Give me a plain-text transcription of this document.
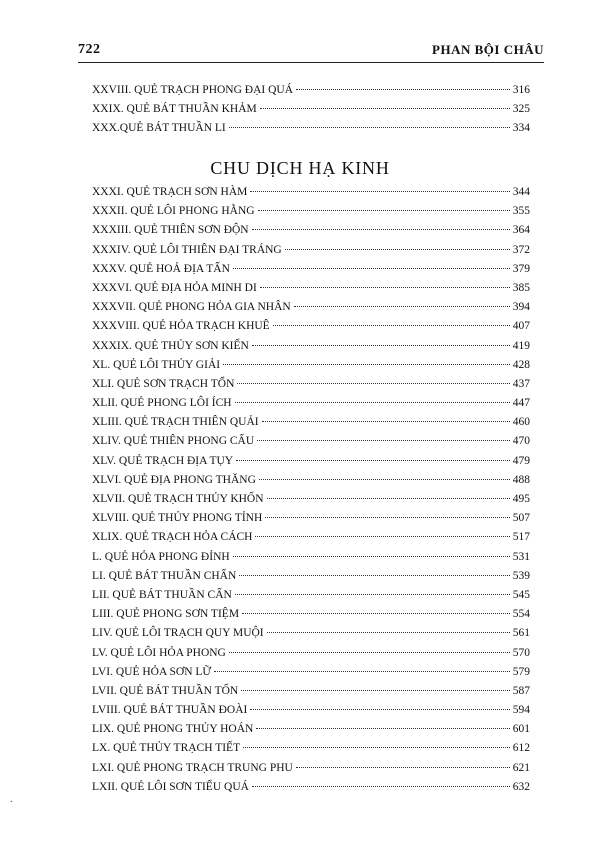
722	PHAN BỘI CHÂU
XXVIII. QUẺ TRẠCH PHONG ĐẠI QUÁ	316
XXIX. QUẺ BÁT THUẦN KHẢM	325
XXX.QUẺ BÁT THUẦN LI	334
CHU DỊCH HẠ KINH
XXXI. QUẺ TRẠCH SƠN HÀM	344
XXXII. QUẺ LÔI PHONG HẰNG	355
XXXIII. QUẺ THIÊN SƠN ĐỘN	364
XXXIV. QUẺ LÔI THIÊN ĐẠI TRÁNG	372
XXXV. QUẺ HOẢ ĐỊA TẤN	379
XXXVI. QUẺ ĐỊA HỎA MINH DI	385
XXXVII. QUẺ PHONG HỎA GIA NHÂN	394
XXXVIII. QUẺ HỎA TRẠCH KHUÊ	407
XXXIX. QUẺ THỦY SƠN KIỂN	419
XL. QUẺ LÔI THỦY GIẢI	428
XLI. QUẺ SƠN TRẠCH TỔN	437
XLII. QUẺ PHONG LÔI ÍCH	447
XLIII. QUẺ TRẠCH THIÊN QUẢI	460
XLIV. QUẺ THIÊN PHONG CẤU	470
XLV. QUẺ TRẠCH ĐỊA TỤY	479
XLVI. QUẺ ĐỊA PHONG THĂNG	488
XLVII. QUẺ TRẠCH THỦY KHỐN	495
XLVIII. QUẺ THỦY PHONG TỈNH	507
XLIX. QUẺ TRẠCH HỎA CÁCH	517
L. QUẺ HỎA PHONG ĐỈNH	531
LI. QUẺ BÁT THUẦN CHẤN	539
LII. QUẺ BÁT THUẦN CẤN	545
LIII. QUẺ PHONG SƠN TIỆM	554
LIV. QUẺ LÔI TRẠCH QUY MUỘI	561
LV. QUẺ LÔI HỎA PHONG	570
LVI. QUẺ HỎA SƠN LỮ	579
LVII. QUẺ BÁT THUẦN TỐN	587
LVIII. QUẺ BÁT THUẦN ĐOÀI	594
LIX. QUẺ PHONG THỦY HOÁN	601
LX. QUẺ THỦY TRẠCH TIẾT	612
LXI. QUẺ PHONG TRẠCH TRUNG PHU	621
LXII. QUẺ LÔI SƠN TIỂU QUÁ	632
.
